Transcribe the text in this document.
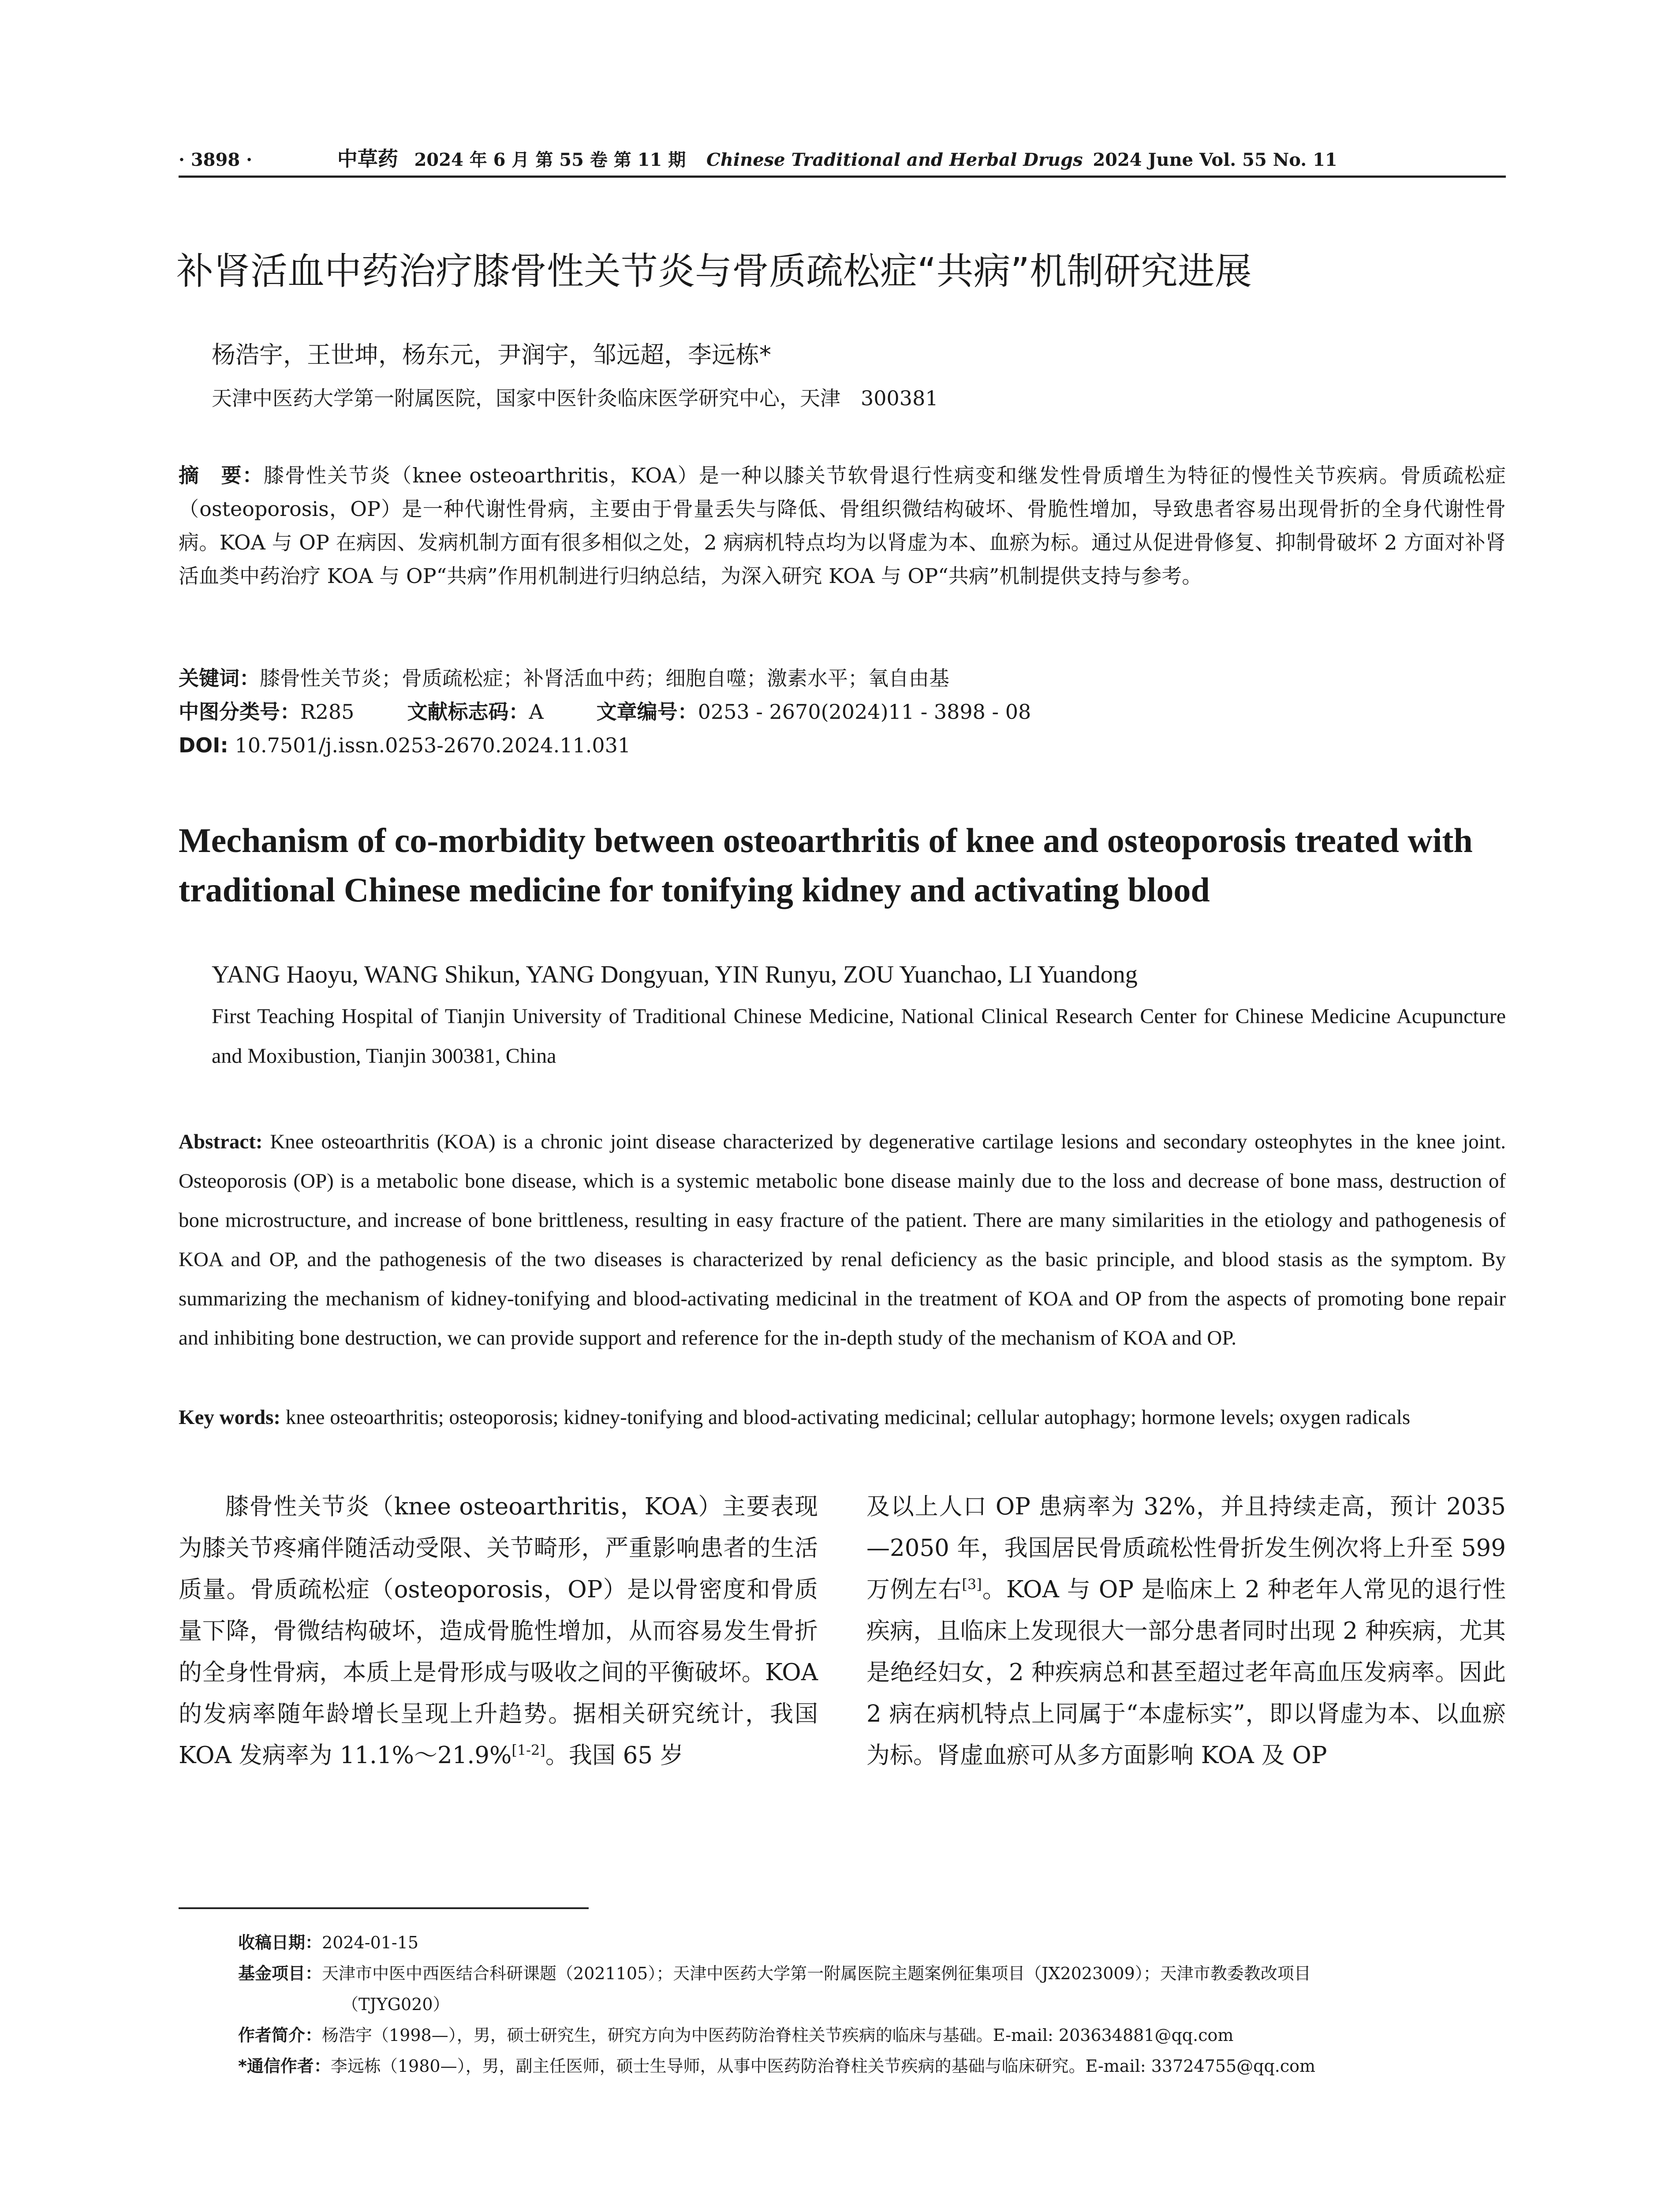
· 3898 ·	中草药 2024 年 6 月 第 55 卷 第 11 期 Chinese Traditional and Herbal Drugs 2024 June Vol. 55 No. 11
补肾活血中药治疗膝骨性关节炎与骨质疏松症“共病”机制研究进展
杨浩宇，王世坤，杨东元，尹润宇，邹远超，李远栋*
天津中医药大学第一附属医院，国家中医针灸临床医学研究中心，天津　300381
摘　要：膝骨性关节炎（knee osteoarthritis，KOA）是一种以膝关节软骨退行性病变和继发性骨质增生为特征的慢性关节疾病。骨质疏松症（osteoporosis，OP）是一种代谢性骨病，主要由于骨量丢失与降低、骨组织微结构破坏、骨脆性增加，导致患者容易出现骨折的全身代谢性骨病。KOA 与 OP 在病因、发病机制方面有很多相似之处，2 病病机特点均为以肾虚为本、血瘀为标。通过从促进骨修复、抑制骨破坏 2 方面对补肾活血类中药治疗 KOA 与 OP“共病”作用机制进行归纳总结，为深入研究 KOA 与 OP“共病”机制提供支持与参考。
关键词：膝骨性关节炎；骨质疏松症；补肾活血中药；细胞自噬；激素水平；氧自由基
中图分类号：R285	文献标志码：A	文章编号：0253 - 2670(2024)11 - 3898 - 08
DOI: 10.7501/j.issn.0253-2670.2024.11.031
Mechanism of co-morbidity between osteoarthritis of knee and osteoporosis treated with traditional Chinese medicine for tonifying kidney and activating blood
YANG Haoyu, WANG Shikun, YANG Dongyuan, YIN Runyu, ZOU Yuanchao, LI Yuandong
First Teaching Hospital of Tianjin University of Traditional Chinese Medicine, National Clinical Research Center for Chinese Medicine Acupuncture and Moxibustion, Tianjin 300381, China
Abstract: Knee osteoarthritis (KOA) is a chronic joint disease characterized by degenerative cartilage lesions and secondary osteophytes in the knee joint. Osteoporosis (OP) is a metabolic bone disease, which is a systemic metabolic bone disease mainly due to the loss and decrease of bone mass, destruction of bone microstructure, and increase of bone brittleness, resulting in easy fracture of the patient. There are many similarities in the etiology and pathogenesis of KOA and OP, and the pathogenesis of the two diseases is characterized by renal deficiency as the basic principle, and blood stasis as the symptom. By summarizing the mechanism of kidney-tonifying and blood-activating medicinal in the treatment of KOA and OP from the aspects of promoting bone repair and inhibiting bone destruction, we can provide support and reference for the in-depth study of the mechanism of KOA and OP.
Key words: knee osteoarthritis; osteoporosis; kidney-tonifying and blood-activating medicinal; cellular autophagy; hormone levels; oxygen radicals
膝骨性关节炎（knee osteoarthritis，KOA）主要表现为膝关节疼痛伴随活动受限、关节畸形，严重影响患者的生活质量。骨质疏松症（osteoporosis，OP）是以骨密度和骨质量下降，骨微结构破坏，造成骨脆性增加，从而容易发生骨折的全身性骨病，本质上是骨形成与吸收之间的平衡破坏。KOA 的发病率随年龄增长呈现上升趋势。据相关研究统计，我国 KOA 发病率为 11.1%～21.9%[1-2]。我国 65 岁
及以上人口 OP 患病率为 32%，并且持续走高，预计 2035—2050 年，我国居民骨质疏松性骨折发生例次将上升至 599 万例左右[3]。KOA 与 OP 是临床上 2 种老年人常见的退行性疾病，且临床上发现很大一部分患者同时出现 2 种疾病，尤其是绝经妇女，2 种疾病总和甚至超过老年高血压发病率。因此 2 病在病机特点上同属于“本虚标实”，即以肾虚为本、以血瘀为标。肾虚血瘀可从多方面影响 KOA 及 OP
收稿日期：2024-01-15
基金项目：天津市中医中西医结合科研课题（2021105）；天津中医药大学第一附属医院主题案例征集项目（JX2023009）；天津市教委教改项目
（TJYG020）
作者简介：杨浩宇（1998—），男，硕士研究生，研究方向为中医药防治脊柱关节疾病的临床与基础。E-mail: 203634881@qq.com
*通信作者：李远栋（1980—），男，副主任医师，硕士生导师，从事中医药防治脊柱关节疾病的基础与临床研究。E-mail: 33724755@qq.com
